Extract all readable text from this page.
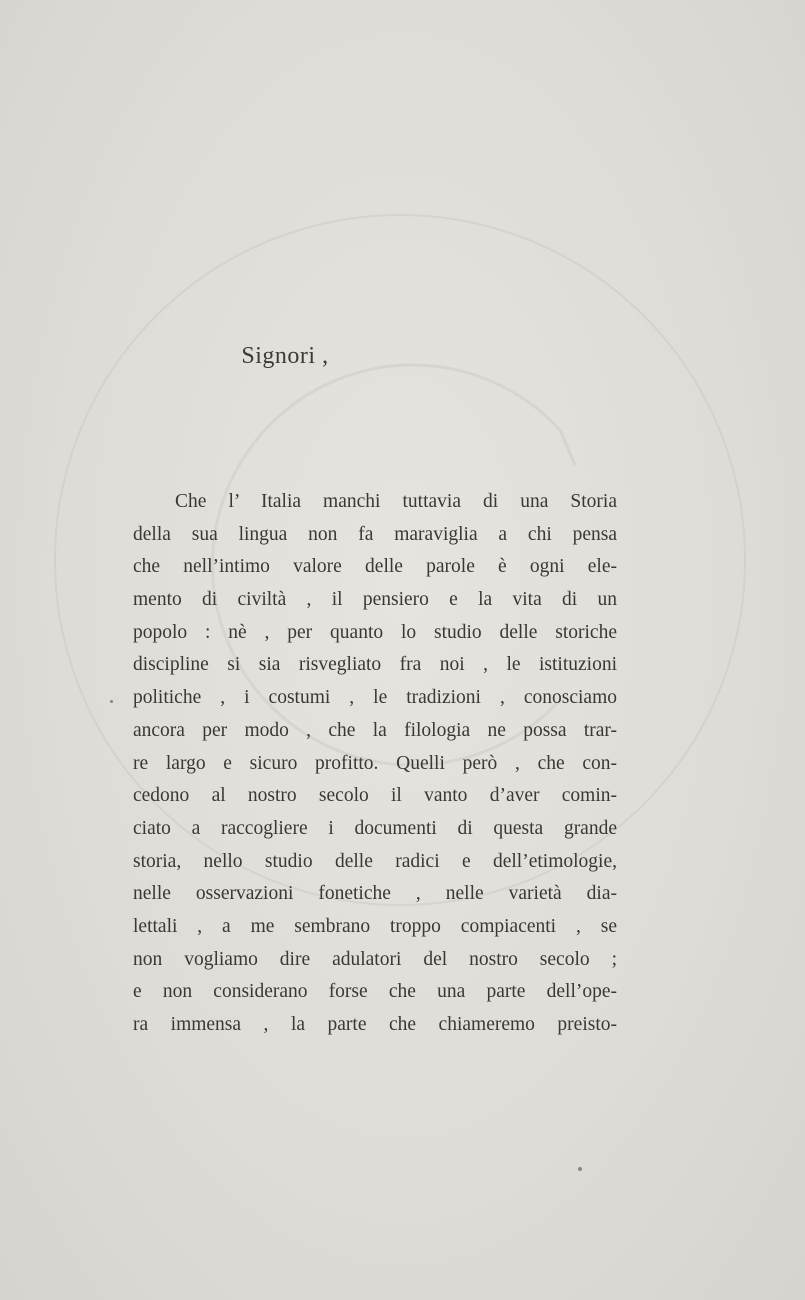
Signori ,
Che l’ Italia manchi tuttavia di una Storia
della sua lingua non fa maraviglia a chi pensa
che nell’intimo valore delle parole è ogni ele-
mento di civiltà , il pensiero e la vita di un
popolo : nè , per quanto lo studio delle storiche
discipline si sia risvegliato fra noi , le istituzioni
politiche , i costumi , le tradizioni , conosciamo
ancora per modo , che la filologia ne possa trar-
re largo e sicuro profitto. Quelli però , che con-
cedono al nostro secolo il vanto d’aver comin-
ciato a raccogliere i documenti di questa grande
storia, nello studio delle radici e dell’etimologie,
nelle osservazioni fonetiche , nelle varietà dia-
lettali , a me sembrano troppo compiacenti , se
non vogliamo dire adulatori del nostro secolo ;
e non considerano forse che una parte dell’ope-
ra immensa , la parte che chiameremo preisto-
